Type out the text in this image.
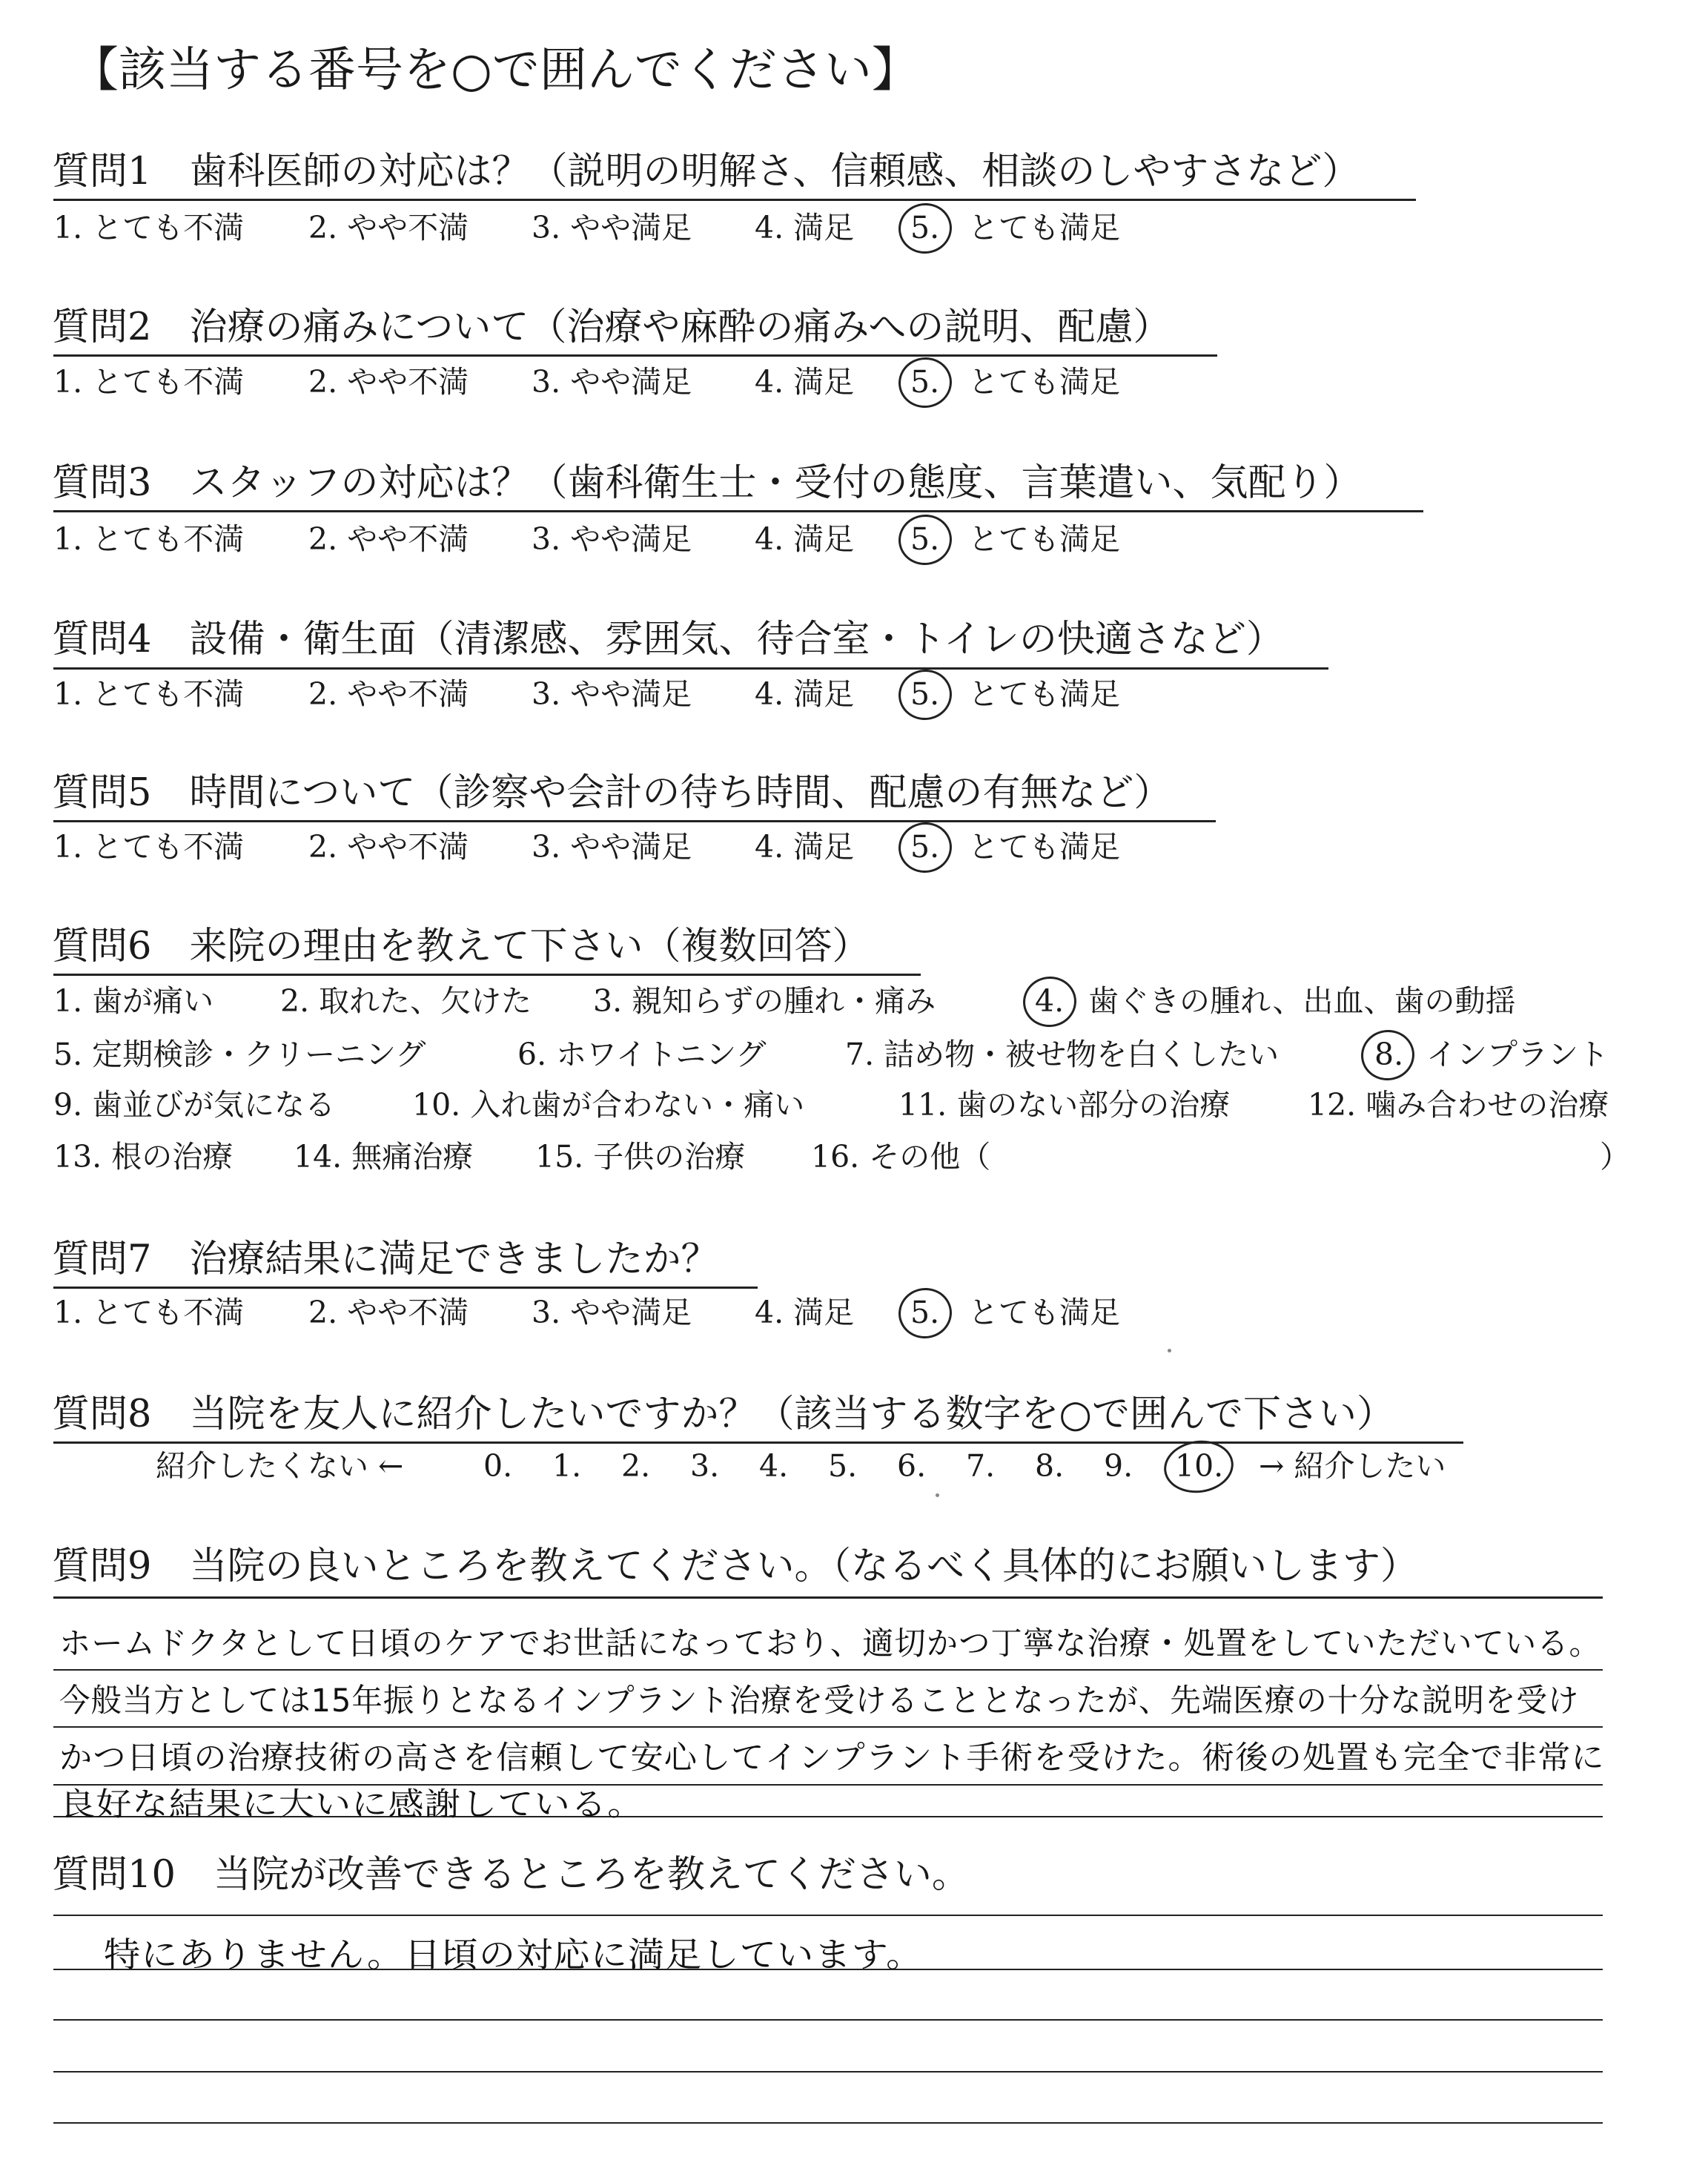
【該当する番号を○で囲んでください】
質問1　歯科医師の対応は？（説明の明解さ、信頼感、相談のしやすさなど）
1. とても不満 2. やや不満 3. やや満足 4. 満足 5. とても満足
質問2　治療の痛みについて（治療や麻酔の痛みへの説明、配慮）
1. とても不満 2. やや不満 3. やや満足 4. 満足 5. とても満足
質問3　スタッフの対応は？（歯科衛生士・受付の態度、言葉遣い、気配り）
1. とても不満 2. やや不満 3. やや満足 4. 満足 5. とても満足
質問4　設備・衛生面（清潔感、雰囲気、待合室・トイレの快適さなど）
1. とても不満 2. やや不満 3. やや満足 4. 満足 5. とても満足
質問5　時間について（診察や会計の待ち時間、配慮の有無など）
1. とても不満 2. やや不満 3. やや満足 4. 満足 5. とても満足
質問6　来院の理由を教えて下さい（複数回答）
1. 歯が痛い 2. 取れた、欠けた 3. 親知らずの腫れ・痛み	4. 歯ぐきの腫れ、出血、歯の動揺
5. 定期検診・クリーニング	6. ホワイトニング	7. 詰め物・被せ物を白くしたい	8. インプラント
9. 歯並びが気になる	10. 入れ歯が合わない・痛い	11. 歯のない部分の治療	12. 噛み合わせの治療
13. 根の治療 14. 無痛治療 15. 子供の治療 16. その他（	）
質問7　治療結果に満足できましたか？
1. とても不満 2. やや不満 3. やや満足 4. 満足 5. とても満足
質問8　当院を友人に紹介したいですか？（該当する数字を○で囲んで下さい）
紹介したくない ←	0. 1. 2. 3. 4. 5. 6. 7. 8. 9. 10. → 紹介したい
質問9　当院の良いところを教えてください。（なるべく具体的にお願いします）
ホームドクタとして日頃のケアでお世話になっており、適切かつ丁寧な治療・処置をしていただいている。
今般当方としては15年振りとなるインプラント治療を受けることとなったが、先端医療の十分な説明を受け
かつ日頃の治療技術の高さを信頼して安心してインプラント手術を受けた。術後の処置も完全で非常に
良好な結果に大いに感謝している。
質問10　当院が改善できるところを教えてください。
特にありません。日頃の対応に満足しています。
